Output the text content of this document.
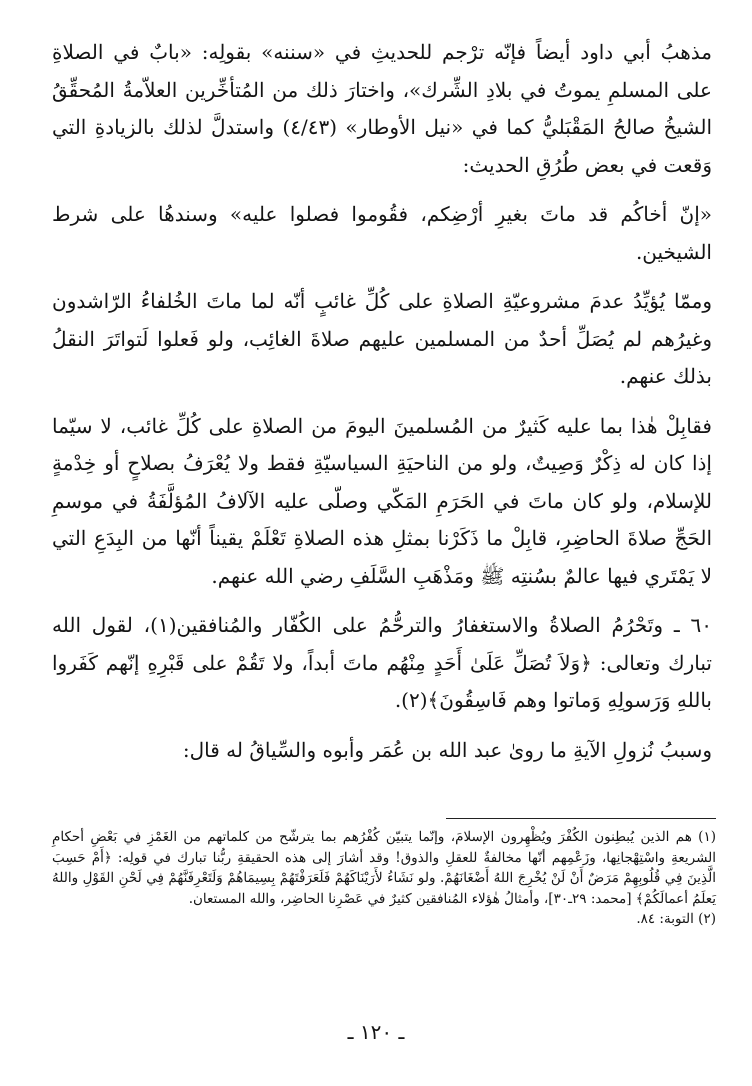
مذهبُ أبي داود أيضاً فإنّه ترْجم للحديثِ في «سننه» بقولِه: «بابٌ في الصلاةِ على المسلمِ يموتُ في بلادِ الشِّرك»، واختارَ ذلك من المُتأخِّرين العلاّمةُ المُحقِّقُ الشيخُ صالحُ المَقْبَليُّ كما في «نيل الأوطار» (٤/٤٣) واستدلَّ لذلك بالزيادةِ التي وَقعت في بعض طُرُقِ الحديث:

«إنّ أخاكُم قد ماتَ بغيرِ أرْضِكم، فقُوموا فصلوا عليه» وسندهُا على شرط الشيخين.

وممّا يُؤيِّدُ عدمَ مشروعيّةِ الصلاةِ على كُلِّ غائبٍ أنّه لما ماتَ الخُلفاءُ الرّاشدون وغيرُهم لم يُصَلِّ أحدٌ من المسلمين عليهم صلاةَ الغائِب، ولو فَعلوا لَتواتَرَ النقلُ بذلك عنهم.

فقابِلْ هٰذا بما عليه كَثيرٌ من المُسلمينَ اليومَ من الصلاةِ على كُلِّ غائب، لا سيّما إذا كان له ذِكْرٌ وَصِيتٌ، ولو من الناحيَةِ السياسيّةِ فقط ولا يُعْرَفُ بصلاحٍ أو خِدْمةٍ للإسلام، ولو كان ماتَ في الحَرَمِ المَكّي وصلّى عليه الآلافُ المُؤلَّفَةُ في موسمِ الحَجِّ صلاةَ الحاضِرِ، قابِلْ ما ذَكَرْنا بمثلِ هذه الصلاةِ تَعْلَمْ يقيناً أنّها من البِدَعِ التي لا يَمْتَري فيها عالمٌ بسُنتِه ﷺ ومَذْهَبِ السَّلَفِ رضي الله عنهم.

٦٠ ـ وتَحْرُمُ الصلاةُ والاستغفارُ والترحُّمُ على الكُفّار والمُنافقين(١)، لقول الله تبارك وتعالى: ﴿وَلاَ تُصَلِّ عَلَىٰ أَحَدٍ مِنْهُم ماتَ أبداً، ولا تَقُمْ على قَبْرِهِ إنّهم كَفَروا باللهِ وَرَسولِهِ وَماتوا وهم فَاسِقُونَ﴾(٢).

وسببُ نُزولِ الآيةِ ما روىٰ عبد الله بن عُمَر وأبوه والسِّياقُ له قال:

(١) هم الذين يُبطِنون الكُفْرَ ويُظْهِرون الإسلامَ، وإنّما يتبيّن كُفْرُهم بما يترشّح من كلماتهم من الغَمْزِ في بَعْضِ أحكامِ الشريعةِ واسْتِهْجانِها، وزَعْمِهم أنّها مخالفةٌ للعقلِ والذوق! وقد أشارَ إلى هذه الحقيقةِ ربُّنا تبارك في قولِه: ﴿أَمْ حَسِبَ الَّذِينَ فِي قُلُوبِهِمْ مَرَضٌ أَنْ لَنْ يُخْرِجَ اللهُ أَضْغَانَهُمْ. ولو نَشَاءُ لأَرَيْنَاكَهُمْ فَلَعَرَفْتَهُمْ بِسِيمَاهُمْ وَلَتَعْرِفَنَّهُمْ فِي لَحْنِ القَوْلِ واللهُ يَعلَمُ أعمالَكُمْ﴾ [محمد: ٢٩ـ٣٠]، وأمثالُ هٰؤلاء المُنافقين كثيرٌ في عَصْرِنا الحاضِر، والله المستعان.

(٢) التوبة: ٨٤.

ـ ١٢٠ ـ
